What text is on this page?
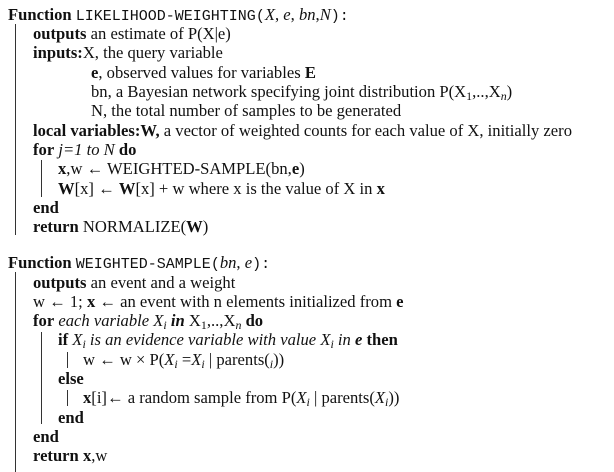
Function LIKELIHOOD-WEIGHTING(X, e, bn,N):
outputs an estimate of P(X|e)
inputs:X, the query variable
e, observed values for variables E
bn, a Bayesian network specifying joint distribution $P(X_1,..,X_n)$
N, the total number of samples to be generated
local variables:W, a vector of weighted counts for each value of X, initially zero
for j=1 to N do
x,w ← WEIGHTED-SAMPLE(bn,e)
W[x] ← W[x] + w where x is the value of X in x
end
return NORMALIZE(W)
Function WEIGHTED-SAMPLE(bn, e):
outputs an event and a weight
w ← 1; x ← an event with n elements initialized from e
for each variable $X_i$ in $X_1,..,X_n$ do
if $X_i$ is an evidence variable with value $X_i$ in e then
w ← $w \times P(X_i =X_i$ | $parents(_i)$)
else
x[i]← a random sample from $P(X_i$ | $parents(X_i)$)
end
end
return x,w
